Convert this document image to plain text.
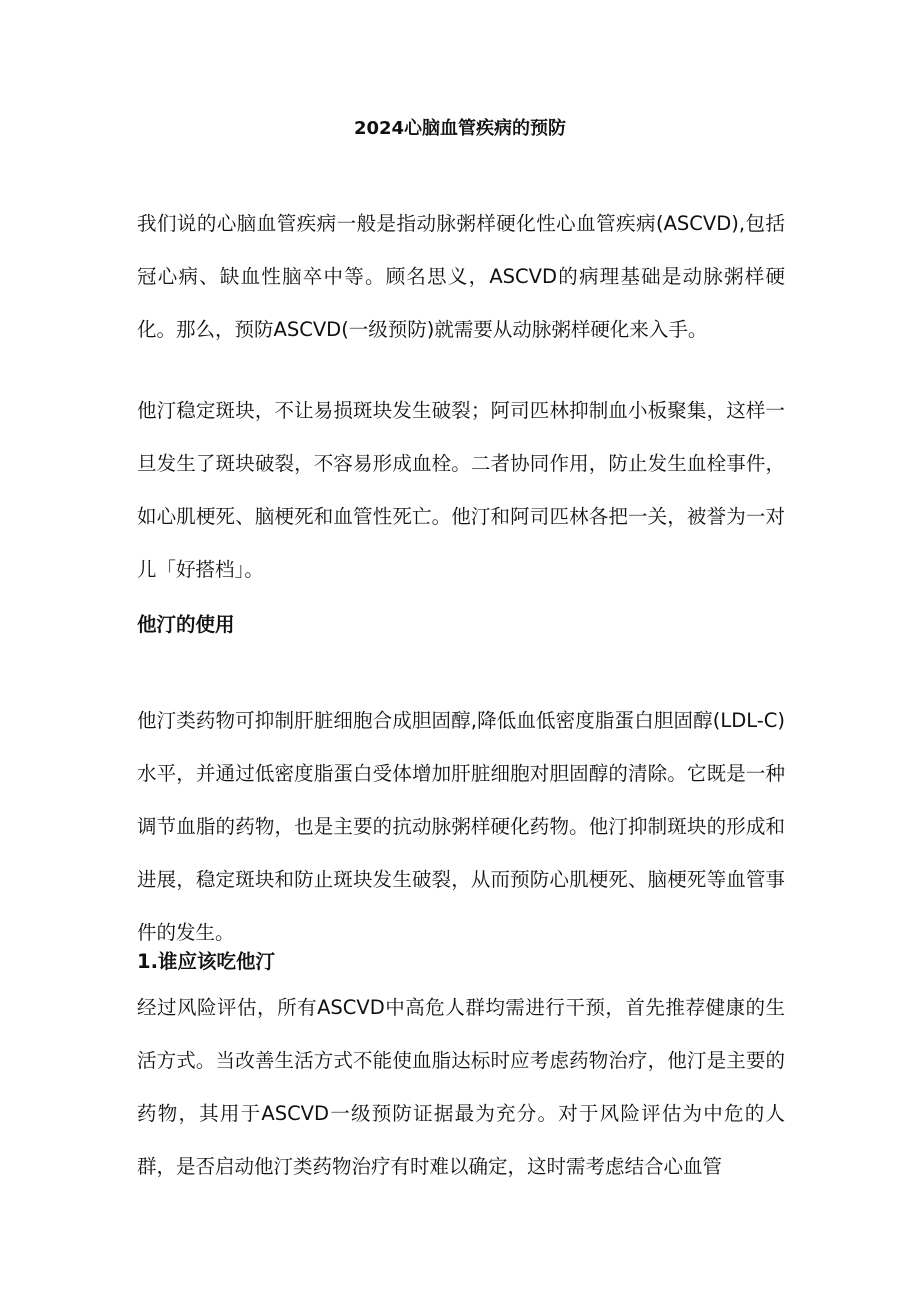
2024心脑血管疾病的预防

我们说的心脑血管疾病一般是指动脉粥样硬化性心血管疾病(ASCVD),包括冠心病、缺血性脑卒中等。顾名思义，ASCVD的病理基础是动脉粥样硬化。那么，预防ASCVD(一级预防)就需要从动脉粥样硬化来入手。

他汀稳定斑块，不让易损斑块发生破裂；阿司匹林抑制血小板聚集，这样一旦发生了斑块破裂，不容易形成血栓。二者协同作用，防止发生血栓事件，如心肌梗死、脑梗死和血管性死亡。他汀和阿司匹林各把一关，被誉为一对儿「好搭档」。

他汀的使用

他汀类药物可抑制肝脏细胞合成胆固醇,降低血低密度脂蛋白胆固醇(LDL-C)水平，并通过低密度脂蛋白受体增加肝脏细胞对胆固醇的清除。它既是一种调节血脂的药物，也是主要的抗动脉粥样硬化药物。他汀抑制斑块的形成和进展，稳定斑块和防止斑块发生破裂，从而预防心肌梗死、脑梗死等血管事件的发生。

1.谁应该吃他汀

经过风险评估，所有ASCVD中高危人群均需进行干预，首先推荐健康的生活方式。当改善生活方式不能使血脂达标时应考虑药物治疗，他汀是主要的药物，其用于ASCVD一级预防证据最为充分。对于风险评估为中危的人群，是否启动他汀类药物治疗有时难以确定，这时需考虑结合心血管
